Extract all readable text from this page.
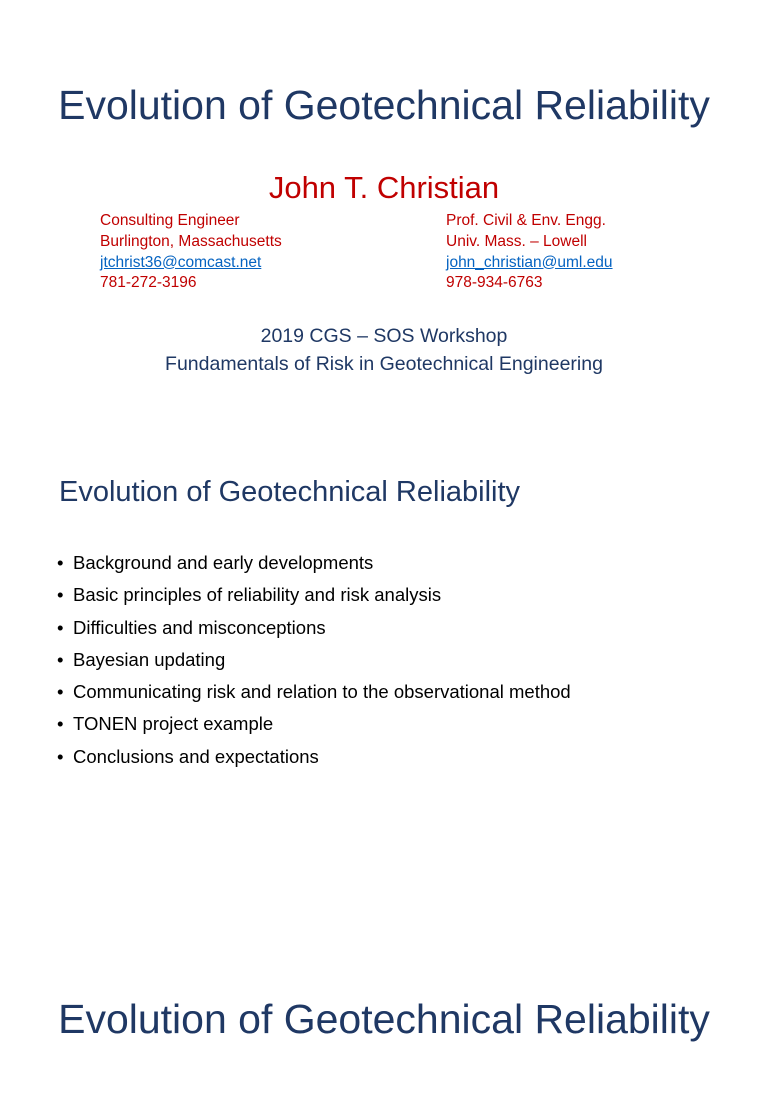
Evolution of Geotechnical Reliability
John T. Christian
Consulting Engineer
Burlington, Massachusetts
jtchrist36@comcast.net
781-272-3196
Prof. Civil & Env. Engg.
Univ. Mass. – Lowell
john_christian@uml.edu
978-934-6763
2019 CGS – SOS Workshop
Fundamentals of Risk in Geotechnical Engineering
Evolution of Geotechnical Reliability
• Background and early developments
• Basic principles of reliability and risk analysis
• Difficulties and misconceptions
• Bayesian updating
• Communicating risk and relation to the observational method
• TONEN project example
• Conclusions and expectations
Evolution of Geotechnical Reliability
